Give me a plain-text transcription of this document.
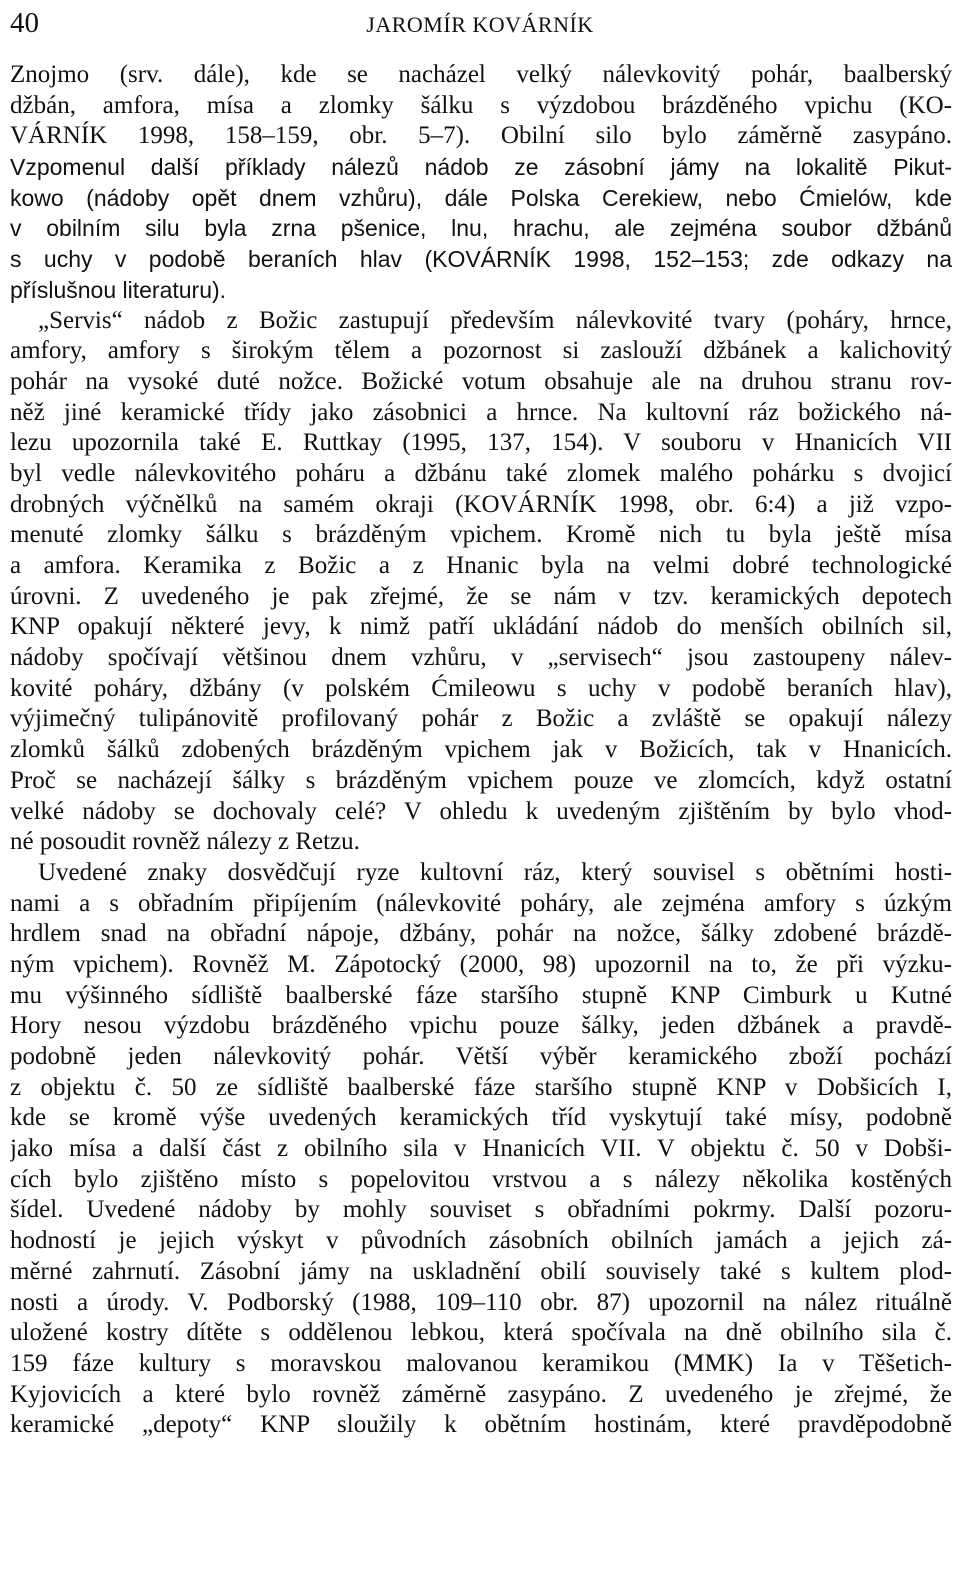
40	JAROMÍR KOVÁRNÍK
Znojmo (srv. dále), kde se nacházel velký nálevkovitý pohár, baalberský
džbán, amfora, mísa a zlomky šálku s výzdobou brázděného vpichu (KO-
VÁRNÍK 1998, 158–159, obr. 5–7). Obilní silo bylo záměrně zasypáno.
Vzpomenul další příklady nálezů nádob ze zásobní jámy na lokalitě Pikut-
kowo (nádoby opět dnem vzhůru), dále Polska Cerekiew, nebo Ćmielów, kde
v obilním silu byla zrna pšenice, lnu, hrachu, ale zejména soubor džbánů
s uchy v podobě beraních hlav (KOVÁRNÍK 1998, 152–153; zde odkazy na
příslušnou literaturu).
„Servis“ nádob z Božic zastupují především nálevkovité tvary (poháry, hrnce,
amfory, amfory s širokým tělem a pozornost si zaslouží džbánek a kalichovitý
pohár na vysoké duté nožce. Božické votum obsahuje ale na druhou stranu rov-
něž jiné keramické třídy jako zásobnici a hrnce. Na kultovní ráz božického ná-
lezu upozornila také E. Ruttkay (1995, 137, 154). V souboru v Hnanicích VII
byl vedle nálevkovitého poháru a džbánu také zlomek malého pohárku s dvojicí
drobných výčnělků na samém okraji (KOVÁRNÍK 1998, obr. 6:4) a již vzpo-
menuté zlomky šálku s brázděným vpichem. Kromě nich tu byla ještě mísa
a amfora. Keramika z Božic a z Hnanic byla na velmi dobré technologické
úrovni. Z uvedeného je pak zřejmé, že se nám v tzv. keramických depotech
KNP opakují některé jevy, k nimž patří ukládání nádob do menších obilních sil,
nádoby spočívají většinou dnem vzhůru, v „servisech“ jsou zastoupeny nálev-
kovité poháry, džbány (v polském Ćmileowu s uchy v podobě beraních hlav),
výjimečný tulipánovitě profilovaný pohár z Božic a zvláště se opakují nálezy
zlomků šálků zdobených brázděným vpichem jak v Božicích, tak v Hnanicích.
Proč se nacházejí šálky s brázděným vpichem pouze ve zlomcích, když ostatní
velké nádoby se dochovaly celé? V ohledu k uvedeným zjištěním by bylo vhod-
né posoudit rovněž nálezy z Retzu.
Uvedené znaky dosvědčují ryze kultovní ráz, který souvisel s obětními hosti-
nami a s obřadním připíjením (nálevkovité poháry, ale zejména amfory s úzkým
hrdlem snad na obřadní nápoje, džbány, pohár na nožce, šálky zdobené brázdě-
ným vpichem). Rovněž M. Zápotocký (2000, 98) upozornil na to, že při výzku-
mu výšinného sídliště baalberské fáze staršího stupně KNP Cimburk u Kutné
Hory nesou výzdobu brázděného vpichu pouze šálky, jeden džbánek a pravdě-
podobně jeden nálevkovitý pohár. Větší výběr keramického zboží pochází
z objektu č. 50 ze sídliště baalberské fáze staršího stupně KNP v Dobšicích I,
kde se kromě výše uvedených keramických tříd vyskytují také mísy, podobně
jako mísa a další část z obilního sila v Hnanicích VII. V objektu č. 50 v Dobši-
cích bylo zjištěno místo s popelovitou vrstvou a s nálezy několika kostěných
šídel. Uvedené nádoby by mohly souviset s obřadními pokrmy. Další pozoru-
hodností je jejich výskyt v původních zásobních obilních jamách a jejich zá-
měrné zahrnutí. Zásobní jámy na uskladnění obilí souvisely také s kultem plod-
nosti a úrody. V. Podborský (1988, 109–110 obr. 87) upozornil na nález rituálně
uložené kostry dítěte s oddělenou lebkou, která spočívala na dně obilního sila č.
159 fáze kultury s moravskou malovanou keramikou (MMK) Ia v Těšetich-
Kyjovicích a které bylo rovněž záměrně zasypáno. Z uvedeného je zřejmé, že
keramické „depoty“ KNP sloužily k obětním hostinám, které pravděpodobně
